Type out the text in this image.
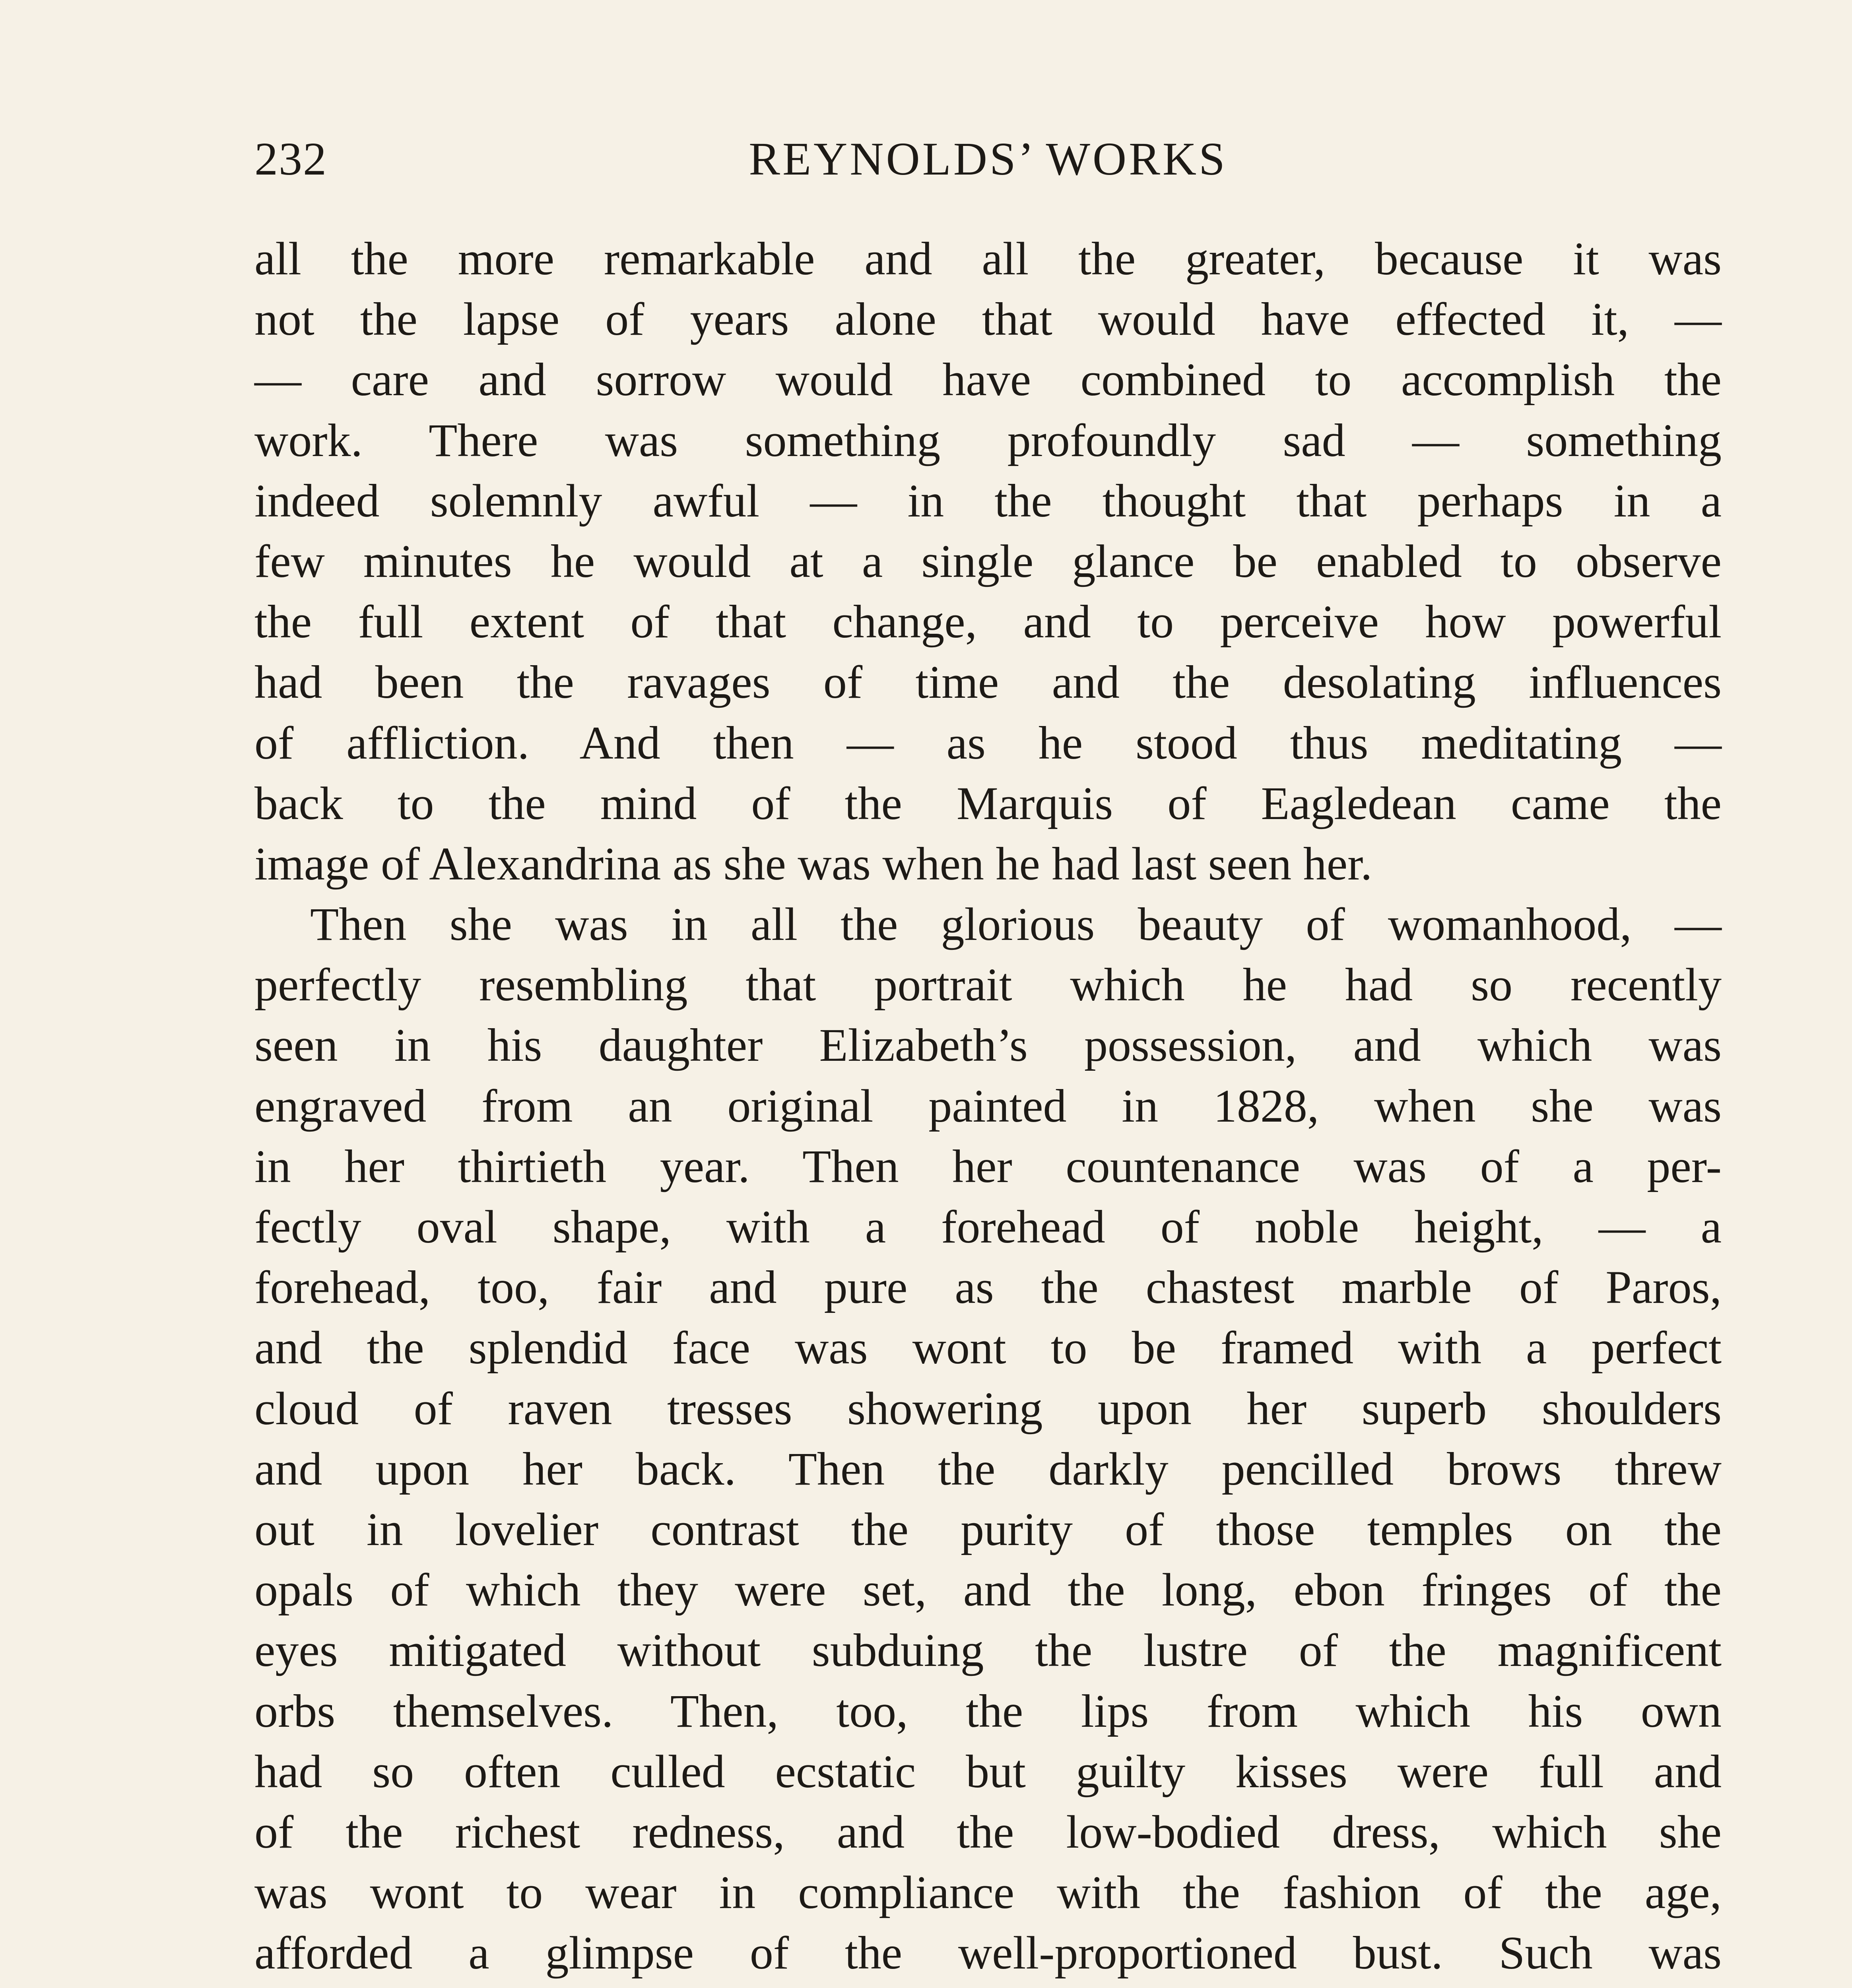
232	REYNOLDS’ WORKS
all the more remarkable and all the greater, because it was
not the lapse of years alone that would have effected it, —
— care and sorrow would have combined to accomplish the
work. There was something profoundly sad — something
indeed solemnly awful — in the thought that perhaps in a
few minutes he would at a single glance be enabled to observe
the full extent of that change, and to perceive how powerful
had been the ravages of time and the desolating influences
of affliction. And then — as he stood thus meditating —
back to the mind of the Marquis of Eagledean came the
image of Alexandrina as she was when he had last seen her.
Then she was in all the glorious beauty of womanhood, —
perfectly resembling that portrait which he had so recently
seen in his daughter Elizabeth’s possession, and which was
engraved from an original painted in 1828, when she was
in her thirtieth year. Then her countenance was of a per-
fectly oval shape, with a forehead of noble height, — a
forehead, too, fair and pure as the chastest marble of Paros,
and the splendid face was wont to be framed with a perfect
cloud of raven tresses showering upon her superb shoulders
and upon her back. Then the darkly pencilled brows threw
out in lovelier contrast the purity of those temples on the
opals of which they were set, and the long, ebon fringes of the
eyes mitigated without subduing the lustre of the magnificent
orbs themselves. Then, too, the lips from which his own
had so often culled ecstatic but guilty kisses were full and
of the richest redness, and the low-bodied dress, which she
was wont to wear in compliance with the fashion of the age,
afforded a glimpse of the well-proportioned bust. Such was
